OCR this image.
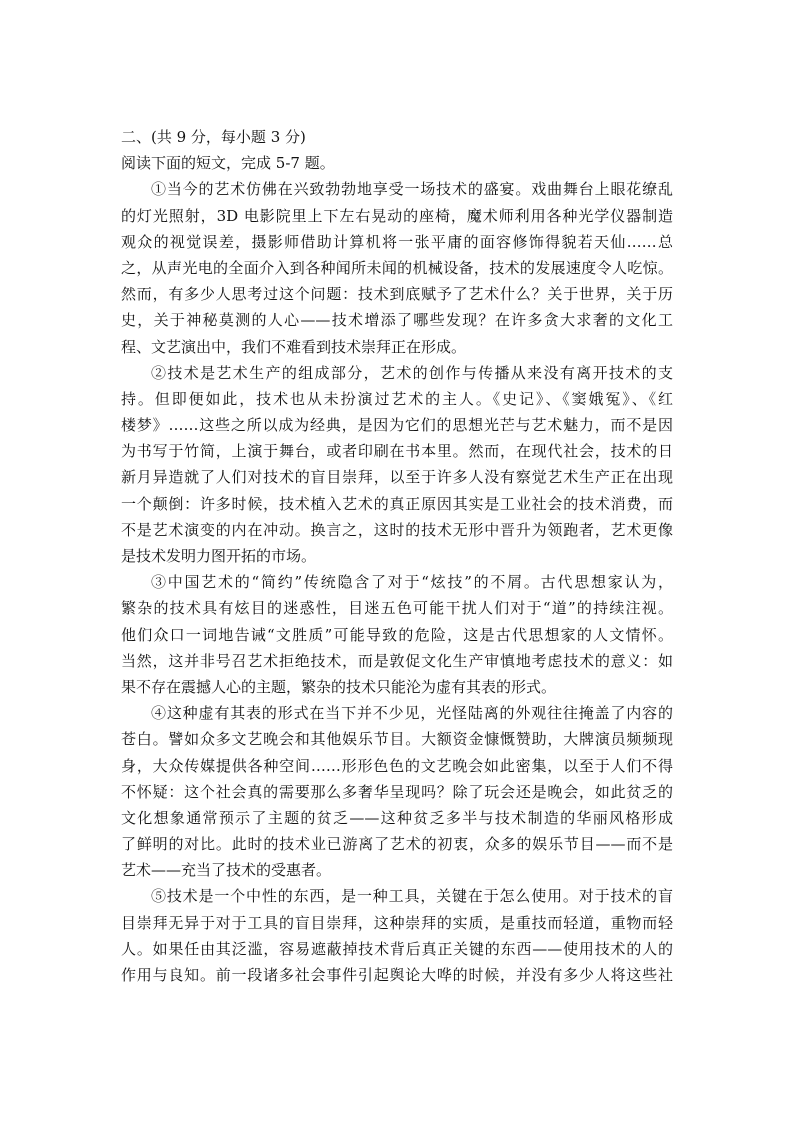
二、(共 9 分，每小题 3 分)
阅读下面的短文，完成 5-7 题。
①当今的艺术仿佛在兴致勃勃地享受一场技术的盛宴。戏曲舞台上眼花缭乱
的灯光照射，3D 电影院里上下左右晃动的座椅，魔术师利用各种光学仪器制造
观众的视觉误差，摄影师借助计算机将一张平庸的面容修饰得貌若天仙……总
之，从声光电的全面介入到各种闻所未闻的机械设备，技术的发展速度令人吃惊。
然而，有多少人思考过这个问题：技术到底赋予了艺术什么？关于世界，关于历
史，关于神秘莫测的人心——技术增添了哪些发现？在许多贪大求奢的文化工
程、文艺演出中，我们不难看到技术崇拜正在形成。
②技术是艺术生产的组成部分，艺术的创作与传播从来没有离开技术的支
持。但即便如此，技术也从未扮演过艺术的主人。《史记》、《窦娥冤》、《红
楼梦》……这些之所以成为经典，是因为它们的思想光芒与艺术魅力，而不是因
为书写于竹简，上演于舞台，或者印刷在书本里。然而，在现代社会，技术的日
新月异造就了人们对技术的盲目崇拜，以至于许多人没有察觉艺术生产正在出现
一个颠倒：许多时候，技术植入艺术的真正原因其实是工业社会的技术消费，而
不是艺术演变的内在冲动。换言之，这时的技术无形中晋升为领跑者，艺术更像
是技术发明力图开拓的市场。
③中国艺术的“简约”传统隐含了对于“炫技”的不屑。古代思想家认为，
繁杂的技术具有炫目的迷惑性，目迷五色可能干扰人们对于“道”的持续注视。
他们众口一词地告诫“文胜质”可能导致的危险，这是古代思想家的人文情怀。
当然，这并非号召艺术拒绝技术，而是敦促文化生产审慎地考虑技术的意义：如
果不存在震撼人心的主题，繁杂的技术只能沦为虚有其表的形式。
④这种虚有其表的形式在当下并不少见，光怪陆离的外观往往掩盖了内容的
苍白。譬如众多文艺晚会和其他娱乐节目。大额资金慷慨赞助，大牌演员频频现
身，大众传媒提供各种空间……形形色色的文艺晚会如此密集，以至于人们不得
不怀疑：这个社会真的需要那么多奢华呈现吗？除了玩会还是晚会，如此贫乏的
文化想象通常预示了主题的贫乏——这种贫乏多半与技术制造的华丽风格形成
了鲜明的对比。此时的技术业已游离了艺术的初衷，众多的娱乐节目——而不是
艺术——充当了技术的受惠者。
⑤技术是一个中性的东西，是一种工具，关键在于怎么使用。对于技术的盲
目崇拜无异于对于工具的盲目崇拜，这种崇拜的实质，是重技而轻道，重物而轻
人。如果任由其泛滥，容易遮蔽掉技术背后真正关键的东西——使用技术的人的
作用与良知。前一段诸多社会事件引起舆论大哗的时候，并没有多少人将这些社
